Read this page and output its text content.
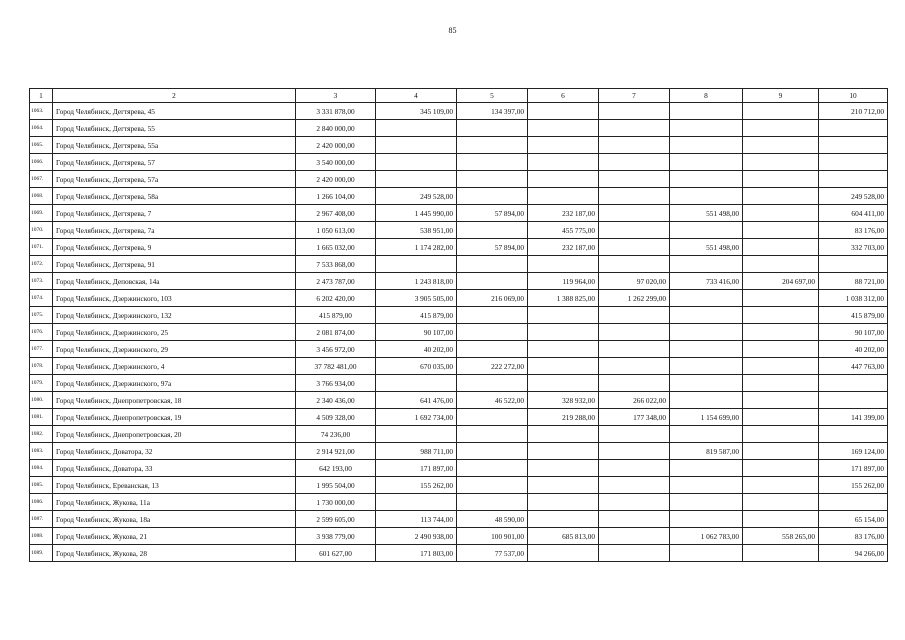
85
1	2	3	4	5	6	7	8	9	10
1063.	Город Челябинск, Дегтярева, 45	3 331 878,00	345 109,00	134 397,00					210 712,00
1064.	Город Челябинск, Дегтярева, 55	2 840 000,00							
1065.	Город Челябинск, Дегтярева, 55а	2 420 000,00							
1066.	Город Челябинск, Дегтярева, 57	3 540 000,00							
1067.	Город Челябинск, Дегтярева, 57а	2 420 000,00							
1068.	Город Челябинск, Дегтярева, 58а	1 266 104,00	249 528,00						249 528,00
1069.	Город Челябинск, Дегтярева, 7	2 967 408,00	1 445 990,00	57 894,00	232 187,00		551 498,00		604 411,00
1070.	Город Челябинск, Дегтярева, 7а	1 050 613,00	538 951,00		455 775,00				83 176,00
1071.	Город Челябинск, Дегтярева, 9	1 665 032,00	1 174 282,00	57 894,00	232 187,00		551 498,00		332 703,00
1072.	Город Челябинск, Дегтярева, 91	7 533 868,00							
1073.	Город Челябинск, Деповская, 14а	2 473 787,00	1 243 818,00		119 964,00	97 020,00	733 416,00	204 697,00	88 721,00
1074.	Город Челябинск, Дзержинского, 103	6 202 420,00	3 905 505,00	216 069,00	1 388 825,00	1 262 299,00			1 038 312,00
1075.	Город Челябинск, Дзержинского, 132	415 879,00	415 879,00						415 879,00
1076.	Город Челябинск, Дзержинского, 25	2 081 874,00	90 107,00						90 107,00
1077.	Город Челябинск, Дзержинского, 29	3 456 972,00	40 202,00						40 202,00
1078.	Город Челябинск, Дзержинского, 4	37 782 481,00	670 035,00	222 272,00					447 763,00
1079.	Город Челябинск, Дзержинского, 97а	3 766 934,00							
1080.	Город Челябинск, Днепропетровская, 18	2 340 436,00	641 476,00	46 522,00	328 932,00	266 022,00			
1081.	Город Челябинск, Днепропетровская, 19	4 509 328,00	1 692 734,00		219 288,00	177 348,00	1 154 699,00		141 399,00
1082.	Город Челябинск, Днепропетровская, 20	74 236,00							
1083.	Город Челябинск, Доватора, 32	2 914 921,00	988 711,00				819 587,00		169 124,00
1084.	Город Челябинск, Доватора, 33	642 193,00	171 897,00						171 897,00
1085.	Город Челябинск, Ереванская, 13	1 995 504,00	155 262,00						155 262,00
1086.	Город Челябинск, Жукова, 11а	1 730 000,00							
1087.	Город Челябинск, Жукова, 18а	2 599 605,00	113 744,00	48 590,00					65 154,00
1088.	Город Челябинск, Жукова, 21	3 938 779,00	2 490 938,00	100 901,00	685 813,00		1 062 783,00	558 265,00	83 176,00
1089.	Город Челябинск, Жукова, 28	601 627,00	171 803,00	77 537,00					94 266,00
